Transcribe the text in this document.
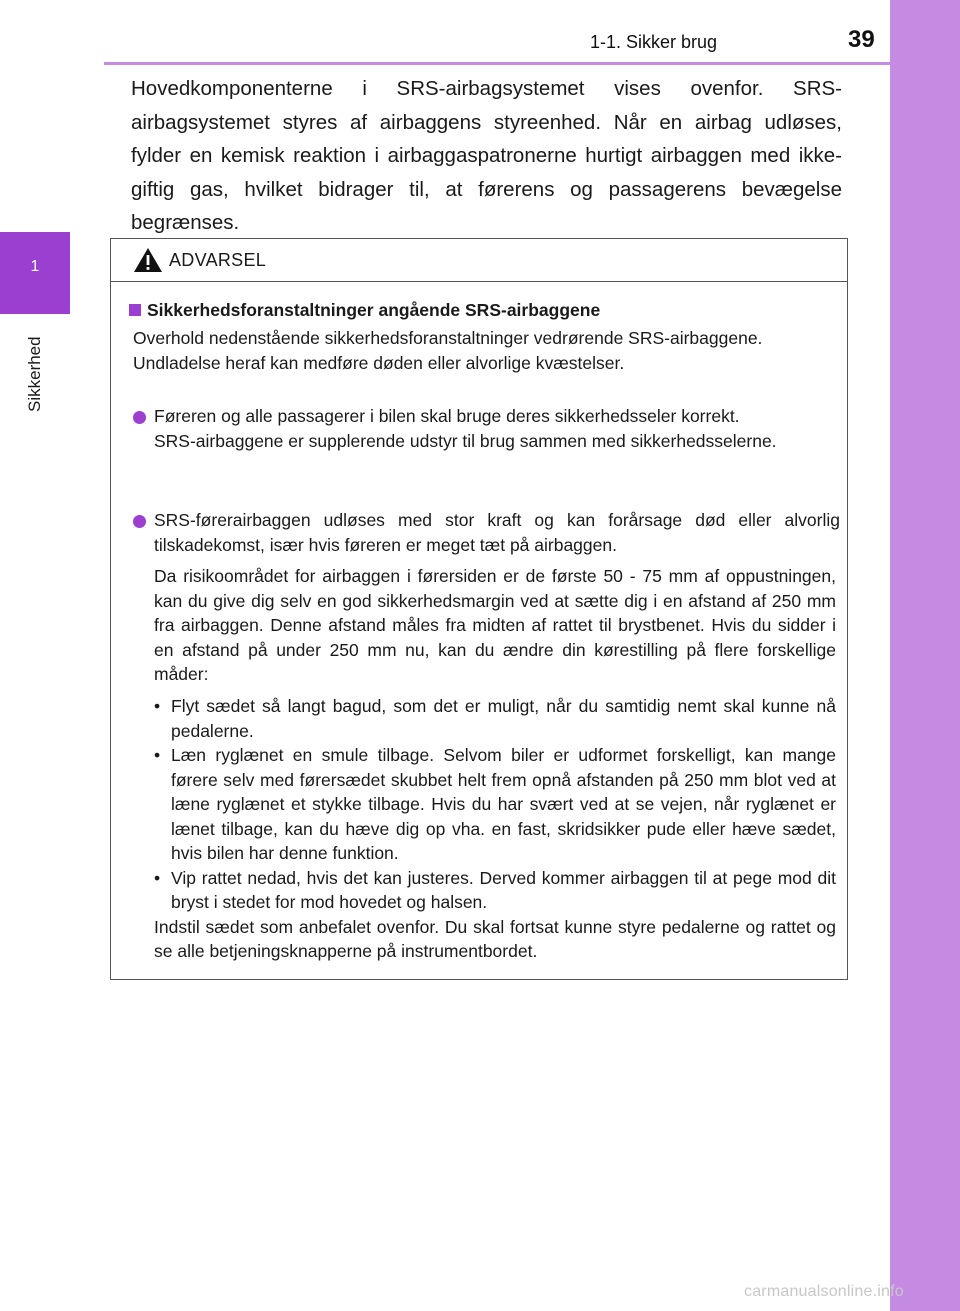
1
Sikkerhed
1-1. Sikker brug	39

Hovedkomponenterne i SRS-airbagsystemet vises ovenfor. SRS-airbagsystemet styres af airbaggens styreenhed. Når en airbag udløses, fylder en kemisk reaktion i airbaggaspatronerne hurtigt airbaggen med ikke-giftig gas, hvilket bidrager til, at førerens og passagerens bevægelse begrænses.

ADVARSEL
Sikkerhedsforanstaltninger angående SRS-airbaggene

Overhold nedenstående sikkerhedsforanstaltninger vedrørende SRS-airbaggene.

Undladelse heraf kan medføre døden eller alvorlige kvæstelser.

Føreren og alle passagerer i bilen skal bruge deres sikkerhedsseler korrekt.

SRS-airbaggene er supplerende udstyr til brug sammen med sikkerhedsselerne.

SRS-førerairbaggen udløses med stor kraft og kan forårsage død eller alvorlig tilskadekomst, især hvis føreren er meget tæt på airbaggen.

Da risikoområdet for airbaggen i førersiden er de første 50 - 75 mm af oppustningen, kan du give dig selv en god sikkerhedsmargin ved at sætte dig i en afstand af 250 mm fra airbaggen. Denne afstand måles fra midten af rattet til brystbenet. Hvis du sidder i en afstand på under 250 mm nu, kan du ændre din kørestilling på flere forskellige måder:

• Flyt sædet så langt bagud, som det er muligt, når du samtidig nemt skal kunne nå pedalerne.
• Læn ryglænet en smule tilbage. Selvom biler er udformet forskelligt, kan mange førere selv med førersædet skubbet helt frem opnå afstanden på 250 mm blot ved at læne ryglænet et stykke tilbage. Hvis du har svært ved at se vejen, når ryglænet er lænet tilbage, kan du hæve dig op vha. en fast, skridsikker pude eller hæve sædet, hvis bilen har denne funktion.
• Vip rattet nedad, hvis det kan justeres. Derved kommer airbaggen til at pege mod dit bryst i stedet for mod hovedet og halsen.

Indstil sædet som anbefalet ovenfor. Du skal fortsat kunne styre pedalerne og rattet og se alle betjeningsknapperne på instrumentbordet.

carmanualsonline.info
